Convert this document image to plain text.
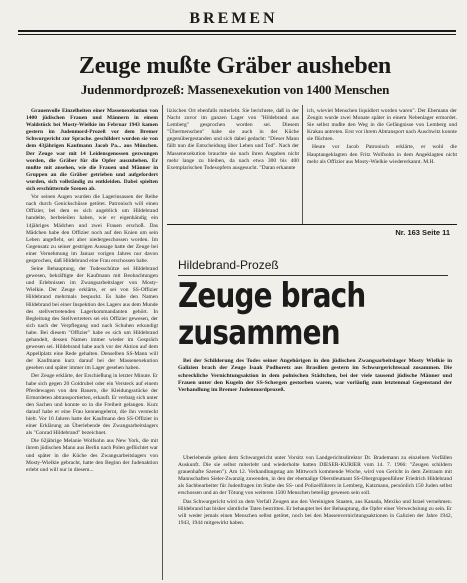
BREMEN
Zeuge mußte Gräber ausheben
Judenmordprozeß: Massenexekution von 1400 Menschen

Grauenvolle Einzelheiten einer Massenexekution von 1400 jüdischen Frauen und Männern in einem Waldstück bei Mosty-Wielkie im Februar 1943 kamen gestern im Judenmord-Prozeß vor dem Bremer Schwurgericht zur Sprache. geschildert wurden sie von dem 43jährigen Kaufmann Jacob Pa... aus München. Der Zeuge war mit 14 Leidensgenossen gezwungen worden, die Gräber für die Opfer auszuheben. Er mußte mit ansehen, wie die Frauen und Männer in Gruppen an die Gräber getrieben und aufgefordert wurden, sich vollständig zu entkleiden. Dabei spielten sich erschütternde Szenen ab.

Vor seinen Augen wurden die Lagerinsassen der Reihe nach durch Genickschüsse getötet. Patronisch will einen Offizier, bei dem es sich angeblich um Hildebrand handelte, herbeieilen haben, wie er eigenhändig ein 14jähriges Mädchen und zwei Frauen erschoß. Das Mädchen habe den Offizier noch auf den Knien um sein Leben angefleht, sei aber niedergeschossen worden. Im Gegensatz zu seiner gestrigen Aussage hatte der Zeuge bei einer Vernehmung im Januar vorigen Jahres nur davon gesprochen, daß Hildebrand eine Frau erschossen habe.

Seine Behauptung, der Todesschütze sei Hildebrand gewesen, bekräftigte der Kaufmann mit Beobachtungen und Erlebnissen im Zwangsarbeitslager von Mosty-Wielkie. Der Zeuge erklärte, er sei von SS-Offizier Hildebrand mehrmals bespuckt. Es habe den Namen Hildebrand bei einer Inspektion des Lagers aus dem Munde des stellvertretenden Lagerkommandanten gehört. In Begleitung des Stellvertreters sei ein Offizier gewesen, der sich nach der Verpflegung und nach Schuhen erkundigt habe. Bei diesem "Offizier" habe es sich um Hildebrand gehandelt, dessen Namen immer wieder im Gespräch gewesen sei. Hildebrand habe auch vor der Aktion auf dem Appellplatz eine Rede gehalten. Denselben SS-Mann will der Kaufmann kurz darauf bei der Massenexekution gesehen und später immer im Lager gesehen haben.

Der Zeuge erklärte, der Erschießung in letzter Minute. Er habe sich gegen 20 Goldrubel oder ein Versteck auf einem Pferdewagen von den Bauern, die Kleidungsstücke der Ermordeten abtransportierten, erkauft. Er verbarg sich unter den Sachen und konnte so in die Freiheit gelangen. Kurz darauf habe er eine Frau kennengelernt, die ihn versteckt hielt. Vor 16 Jahren hatte der Kaufmann den SS-Offizier in einer Erklärung an Überlebende des Zwangsarbeitslagers als "Conrad Hildebrand" bezeichnet.

Die 62jährige Melanie Wolfsohn aus New York, die mit ihrem jüdischen Mann aus Berlin nach Polen geflüchtet war und später in die Küche des Zwangsarbeitslagers von Mosty-Wielkie gebracht, hatte den Beginn der Judenaktion erlebt und will nur in diesem...

lizischen Ort ebenfalls miterlebt. Sie berichtete, daß in der Nacht zuvor im ganzen Lager von "Hildebrand aus Lemberg" gesprochen worden sei. Diesem "Übermenschen" habe sie auch in der Küche gegenübergestanden und sich dabei gedacht: "Dieser Mann fällt nun die Entscheidung über Leben und Tod". Nach der Massenexekution brauchte sie nach ihren Angaben nicht mehr lange zu bleiben, da nach etwa 300 bis 400 Exemplarischen Todesopfern ausgesucht. "Daran erkannte

ich, wieviel Menschen liquidiert worden waren". Der Ehemann der Zeugin wurde zwei Monate später in einem Nebenlager ermordet. Sie selbst mußte den Weg in die Gefängnisse von Lemberg und Krakau antreten. Erst vor ihrem Abtransport nach Auschwitz konnte sie flüchten.

Heute vor Jacob Patronisch erklärte, er wohl die Hauptangeklagten den Fritz Wolfsohn in dem Angeklagten nicht mehr als Offizier aus Mosty-Wielkie wiedererkannt. M.H.

Nr. 163 Seite 11
Hildebrand-Prozeß
Zeuge brach
zusammen

Bei der Schilderung des Todes seiner Angehörigen in den jüdischen Zwangsarbeitslager Mosty Wielkie in Galizien brach der Zeuge Isaak Podhoretz aus Brasilien gestern im Schwurgerichtssaal zusammen. Die schreckliche Vernichtungsaktion in dem polnischen Städtchen, bei der viele tausend jüdische Männer und Frauen unter den Kugeln der SS-Schergen gestorben waren, war vorläufig zum letztenmal Gegenstand der Verhandlung im Bremer Judenmordprozeß.

Überlebende gehen dem Schwurgericht unter Vorsitz von Landgerichtsdirektor Dr. Brademann zu einzelnen Vorfällen Auskunft. Die sie selbst miterlebt und wiederholte hatten DIESER-KURIER vom 14. 7. 1966: "Zeugen schildern grauenhafte Szenen"). Am 12. Verhandlungstag am Mittwoch kommende Woche, wird von Gericht in dem Zeitraum mit Mannschaften Sieler-Zwanzig zuwenden, in den der ehemalige Oberstleutnant SS-Obergruppenführer Friedrich Hildebrand als Sachbearbeiter für Judenfragen im Stabe des SS- und Polizeiführers in Lemberg, Katzmann, persönlich 150 Juden selbst erschossen und an der Tötung von weiteren 1500 Menschen beteiligt gewesen sein soll.

Das Schwurgericht wird zu dem Verfall Zeugen aus den Vereinigten Staaten, aus Kanada, Mexiko und Israel vernehmen. Hildebrand hat bisher sämtliche Taten bestritten. Er behauptet bei der Behauptung, die Opfer einer Verwechslung zu sein. Er will weder jemals einen Menschen selbst getötet, noch bei den Massenvernichtungsaktionen in Galizien der Jahre 1942, 1943, 1944 mitgewirkt haben.
